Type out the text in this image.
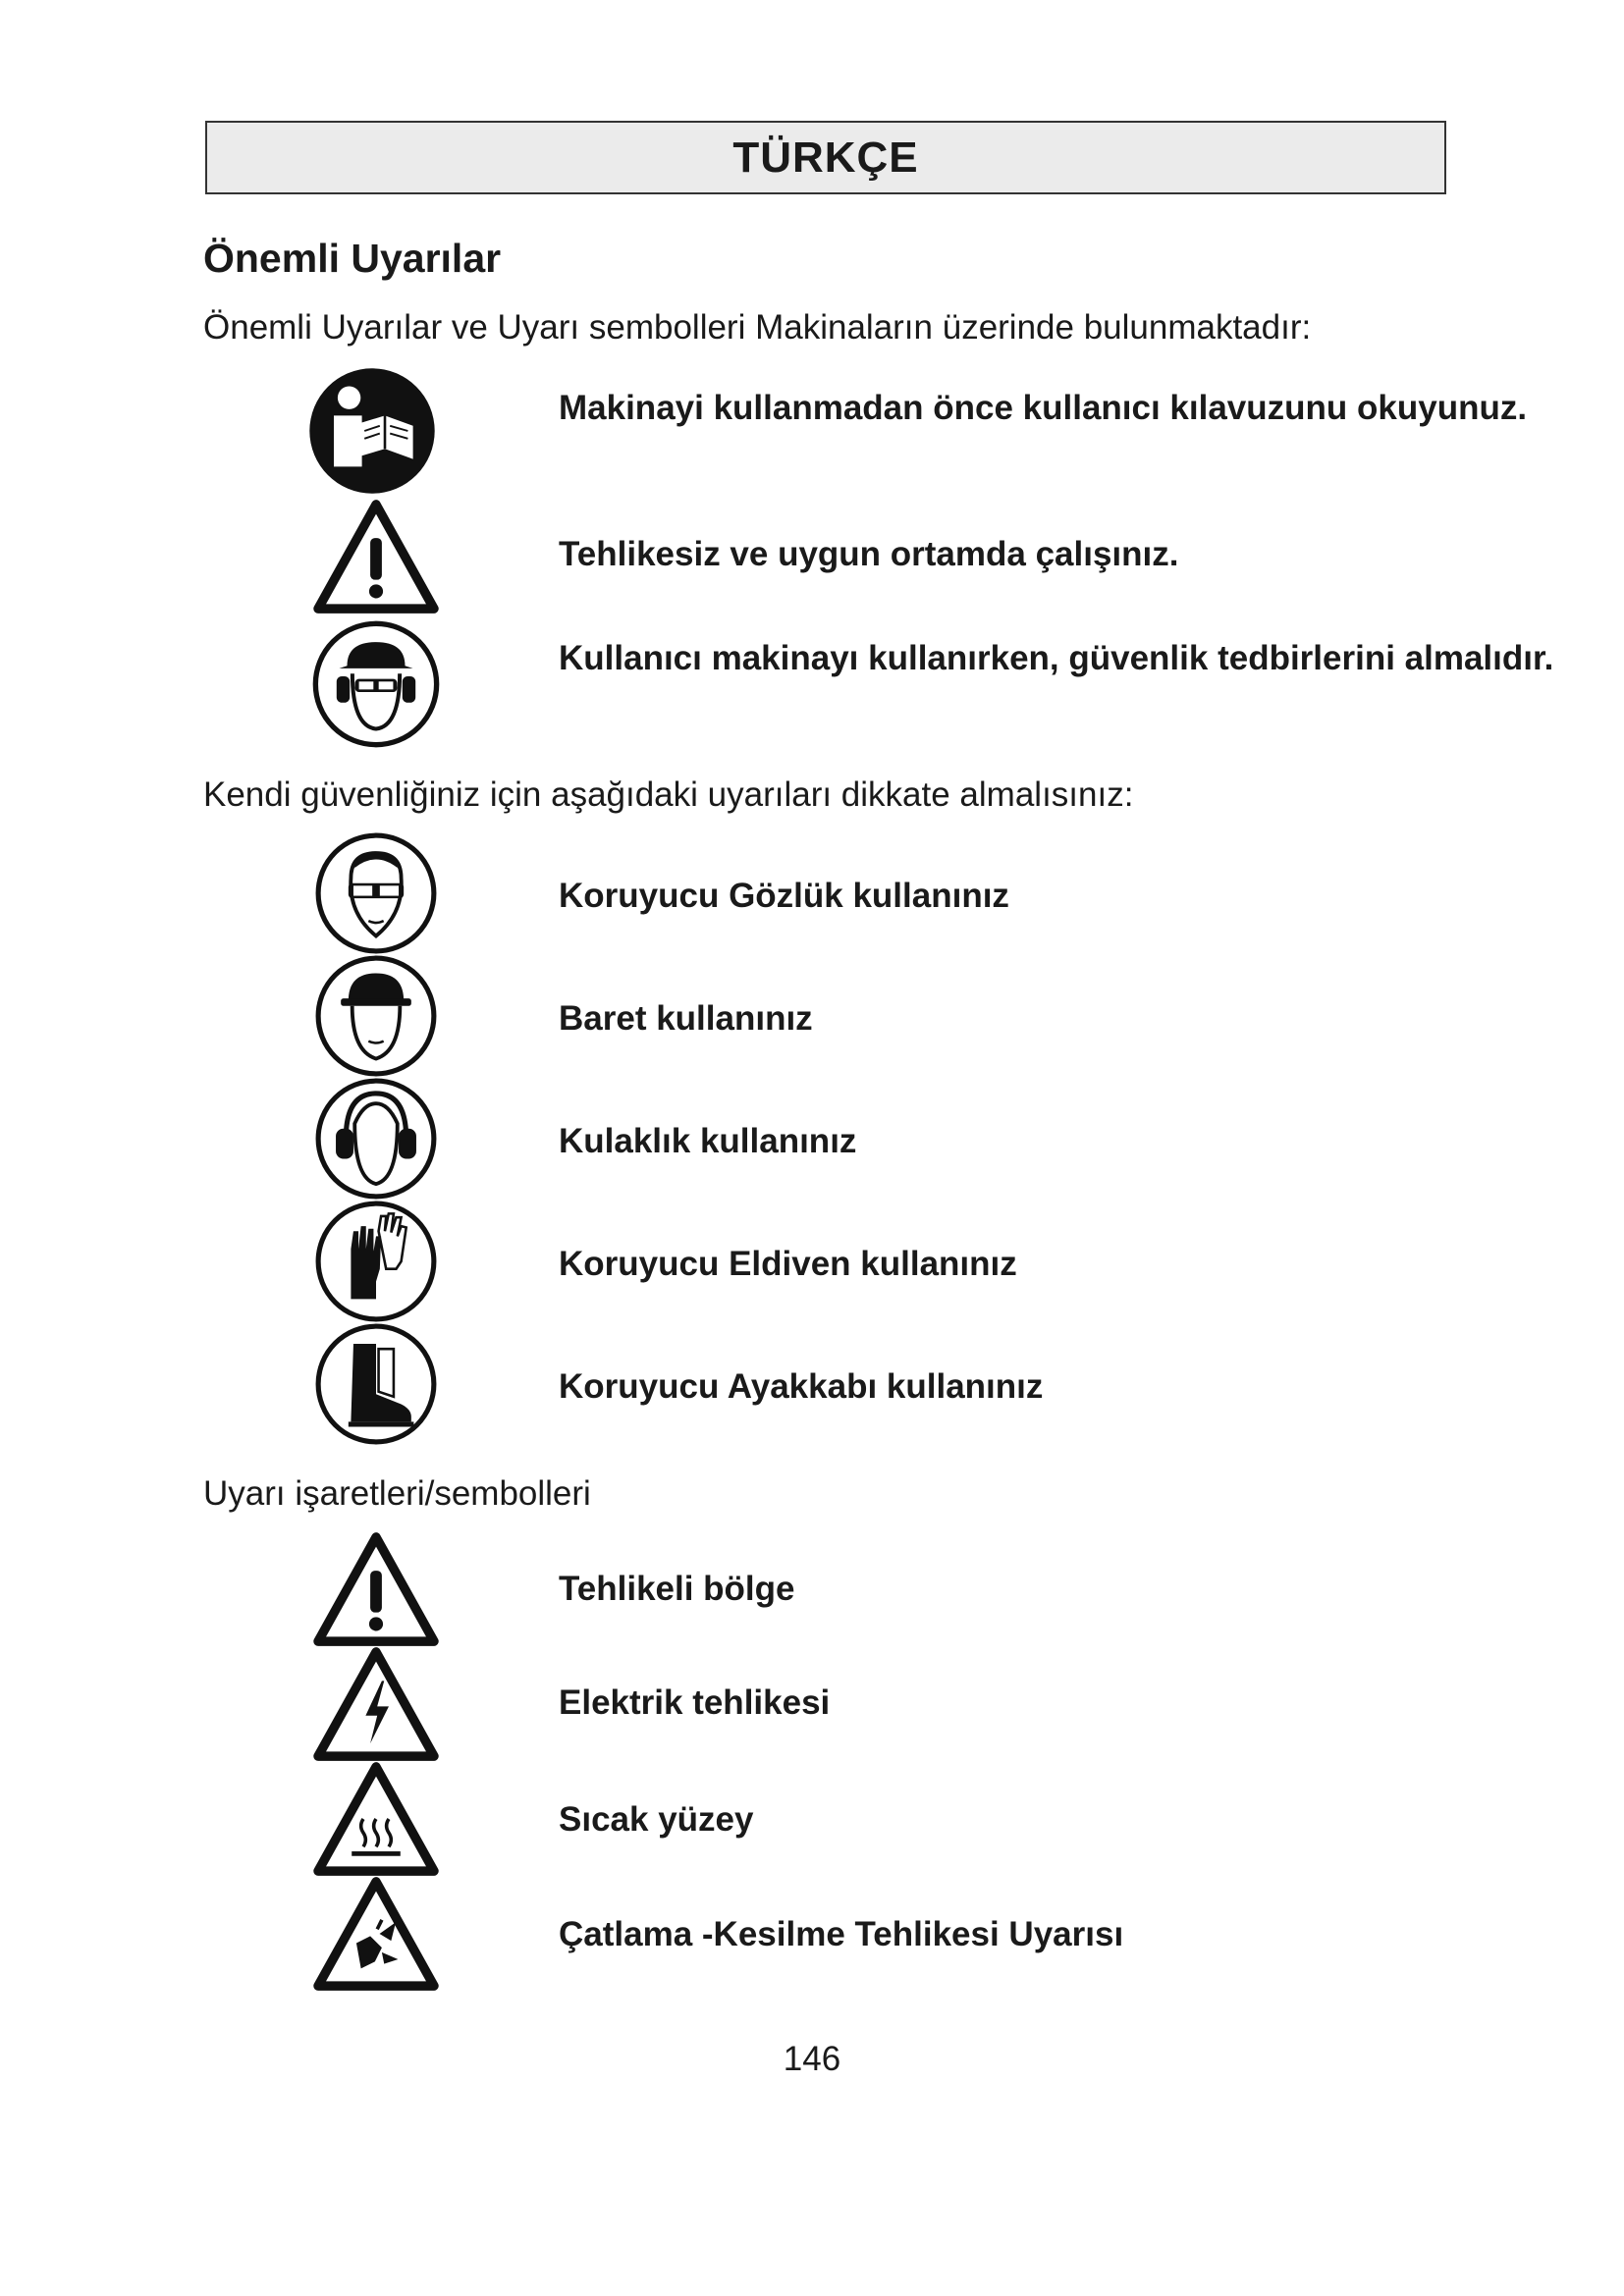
TÜRKÇE
Önemli Uyarılar

Önemli Uyarılar ve Uyarı sembolleri Makinaların üzerinde bulunmaktadır:

Makinayi kullanmadan önce kullanıcı kılavuzunu okuyunuz.

Tehlikesiz ve uygun ortamda çalışınız.

Kullanıcı makinayı kullanırken, güvenlik tedbirlerini almalıdır.

Kendi güvenliğiniz için aşağıdaki uyarıları dikkate almalısınız:

Koruyucu Gözlük kullanınız

Baret kullanınız

Kulaklık kullanınız

Koruyucu Eldiven kullanınız

Koruyucu Ayakkabı kullanınız

Uyarı işaretleri/sembolleri

Tehlikeli bölge

Elektrik tehlikesi

Sıcak yüzey

Çatlama -Kesilme Tehlikesi Uyarısı

146
